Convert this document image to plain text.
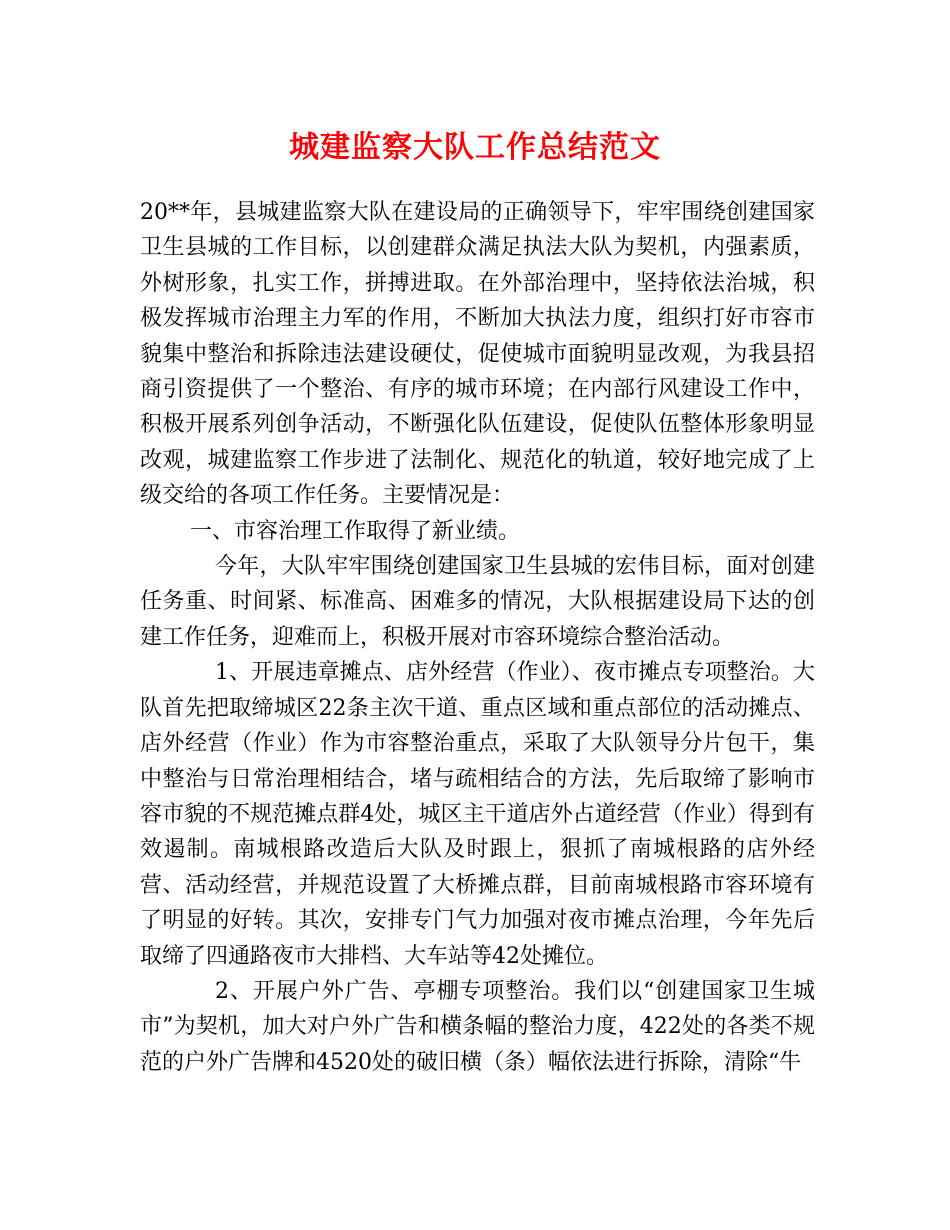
城建监察大队工作总结范文

20**年，县城建监察大队在建设局的正确领导下，牢牢围绕创建国家卫生县城的工作目标，以创建群众满足执法大队为契机，内强素质，外树形象，扎实工作，拼搏进取。在外部治理中，坚持依法治城，积极发挥城市治理主力军的作用，不断加大执法力度，组织打好市容市貌集中整治和拆除违法建设硬仗，促使城市面貌明显改观，为我县招商引资提供了一个整治、有序的城市环境；在内部行风建设工作中，积极开展系列创争活动，不断强化队伍建设，促使队伍整体形象明显改观，城建监察工作步进了法制化、规范化的轨道，较好地完成了上级交给的各项工作任务。主要情况是：

一、市容治理工作取得了新业绩。

今年，大队牢牢围绕创建国家卫生县城的宏伟目标，面对创建任务重、时间紧、标准高、困难多的情况，大队根据建设局下达的创建工作任务，迎难而上，积极开展对市容环境综合整治活动。

1、开展违章摊点、店外经营（作业）、夜市摊点专项整治。大队首先把取缔城区22条主次干道、重点区域和重点部位的活动摊点、店外经营（作业）作为市容整治重点，采取了大队领导分片包干，集中整治与日常治理相结合，堵与疏相结合的方法，先后取缔了影响市容市貌的不规范摊点群4处，城区主干道店外占道经营（作业）得到有效遏制。南城根路改造后大队及时跟上，狠抓了南城根路的店外经营、活动经营，并规范设置了大桥摊点群，目前南城根路市容环境有了明显的好转。其次，安排专门气力加强对夜市摊点治理，今年先后取缔了四通路夜市大排档、大车站等42处摊位。

2、开展户外广告、亭棚专项整治。我们以“创建国家卫生城市”为契机，加大对户外广告和横条幅的整治力度，422处的各类不规范的户外广告牌和4520处的破旧横（条）幅依法进行拆除，清除“牛
